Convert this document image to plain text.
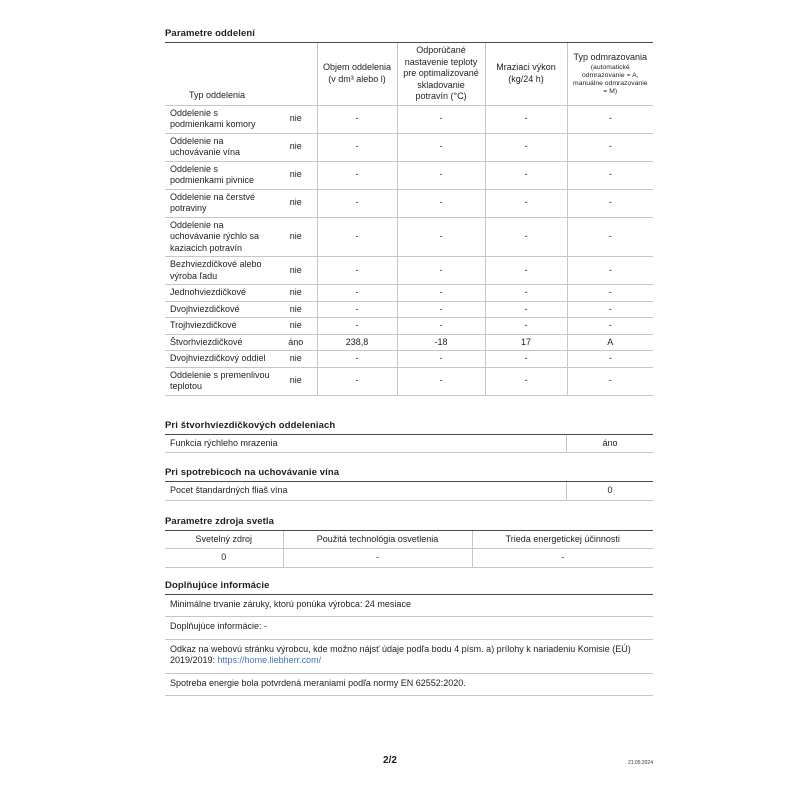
Parametre oddelení
Typ oddelenia		Objem oddelenia (v dm³ alebo l)	Odporúčané nastavenie teploty pre optimalizované skladovanie potravín (°C)	Mraziaci výkon (kg/24 h)	Typ odmrazovania
(automatické odmrazovanie = A, manuálne odmrazovanie = M)

Oddelenie s podmienkami komory	nie	-	-	-	-
Oddelenie na uchovávanie vína	nie	-	-	-	-
Oddelenie s podmienkami pivnice	nie	-	-	-	-
Oddelenie na čerstvé potraviny	nie	-	-	-	-
Oddelenie na uchovávanie rýchlo sa kaziacich potravín	nie	-	-	-	-
Bezhviezdičkové alebo výroba ľadu	nie	-	-	-	-
Jednohviezdičkové	nie	-	-	-	-
Dvojhviezdičkové	nie	-	-	-	-
Trojhviezdičkové	nie	-	-	-	-
Štvorhviezdičkové	áno	238,8	-18	17	A
Dvojhviezdičkový oddiel	nie	-	-	-	-
Oddelenie s premenlivou teplotou	nie	-	-	-	-
Pri štvorhviezdičkových oddeleniach
Funkcia rýchleho mrazenia	áno
Pri spotrebicoch na uchovávanie vína
Pocet štandardných fliaš vína	0
Parametre zdroja svetla
Svetelný zdroj	Použitá technológia osvetlenia	Trieda energetickej účinnosti
0	-	-
Doplňujúce informácie
Minimálne trvanie záruky, ktorú ponúka výrobca: 24 mesiace
Doplňujúce informácie: -
Odkaz na webovú stránku výrobcu, kde možno nájsť údaje podľa bodu 4 písm. a) prílohy k nariadeniu Komisie (EÚ) 2019/2019: https://home.liebherr.com/
Spotreba energie bola potvrdená meraniami podľa normy EN 62552:2020.
2/2	21.05.2024
